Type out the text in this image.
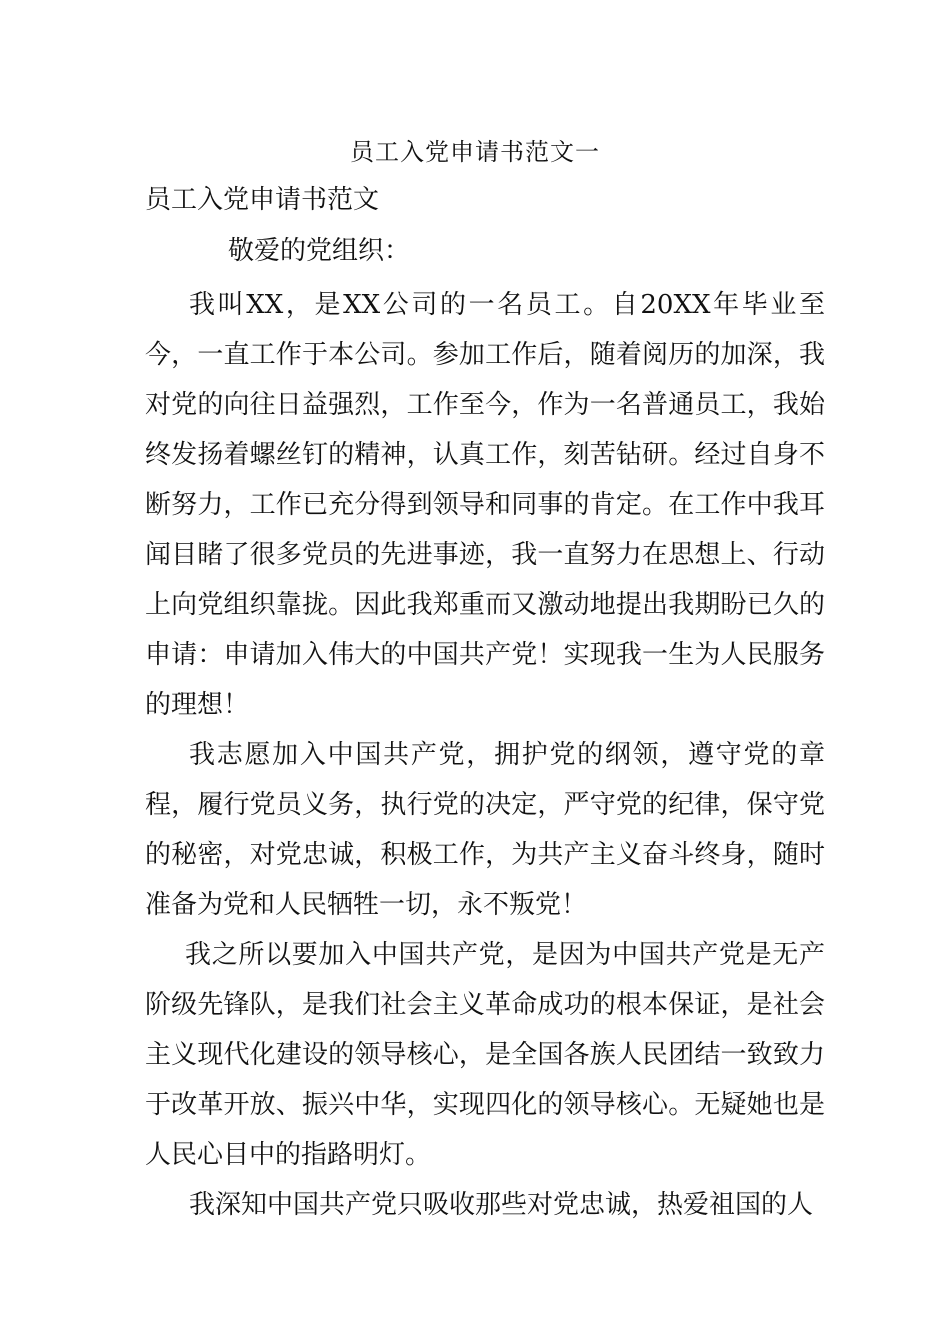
员工入党申请书范文一
员工入党申请书范文
敬爱的党组织：

我叫XX，是XX公司的一名员工。自20XX年毕业至今，一直工作于本公司。参加工作后，随着阅历的加深，我对党的向往日益强烈，工作至今，作为一名普通员工，我始终发扬着螺丝钉的精神，认真工作，刻苦钻研。经过自身不断努力，工作已充分得到领导和同事的肯定。在工作中我耳闻目睹了很多党员的先进事迹，我一直努力在思想上、行动上向党组织靠拢。因此我郑重而又激动地提出我期盼已久的申请：申请加入伟大的中国共产党！实现我一生为人民服务的理想！

我志愿加入中国共产党，拥护党的纲领，遵守党的章程，履行党员义务，执行党的决定，严守党的纪律，保守党的秘密，对党忠诚，积极工作，为共产主义奋斗终身，随时准备为党和人民牺牲一切，永不叛党！

我之所以要加入中国共产党，是因为中国共产党是无产阶级先锋队，是我们社会主义革命成功的根本保证，是社会主义现代化建设的领导核心，是全国各族人民团结一致致力于改革开放、振兴中华，实现四化的领导核心。无疑她也是人民心目中的指路明灯。

我深知中国共产党只吸收那些对党忠诚，热爱祖国的人
